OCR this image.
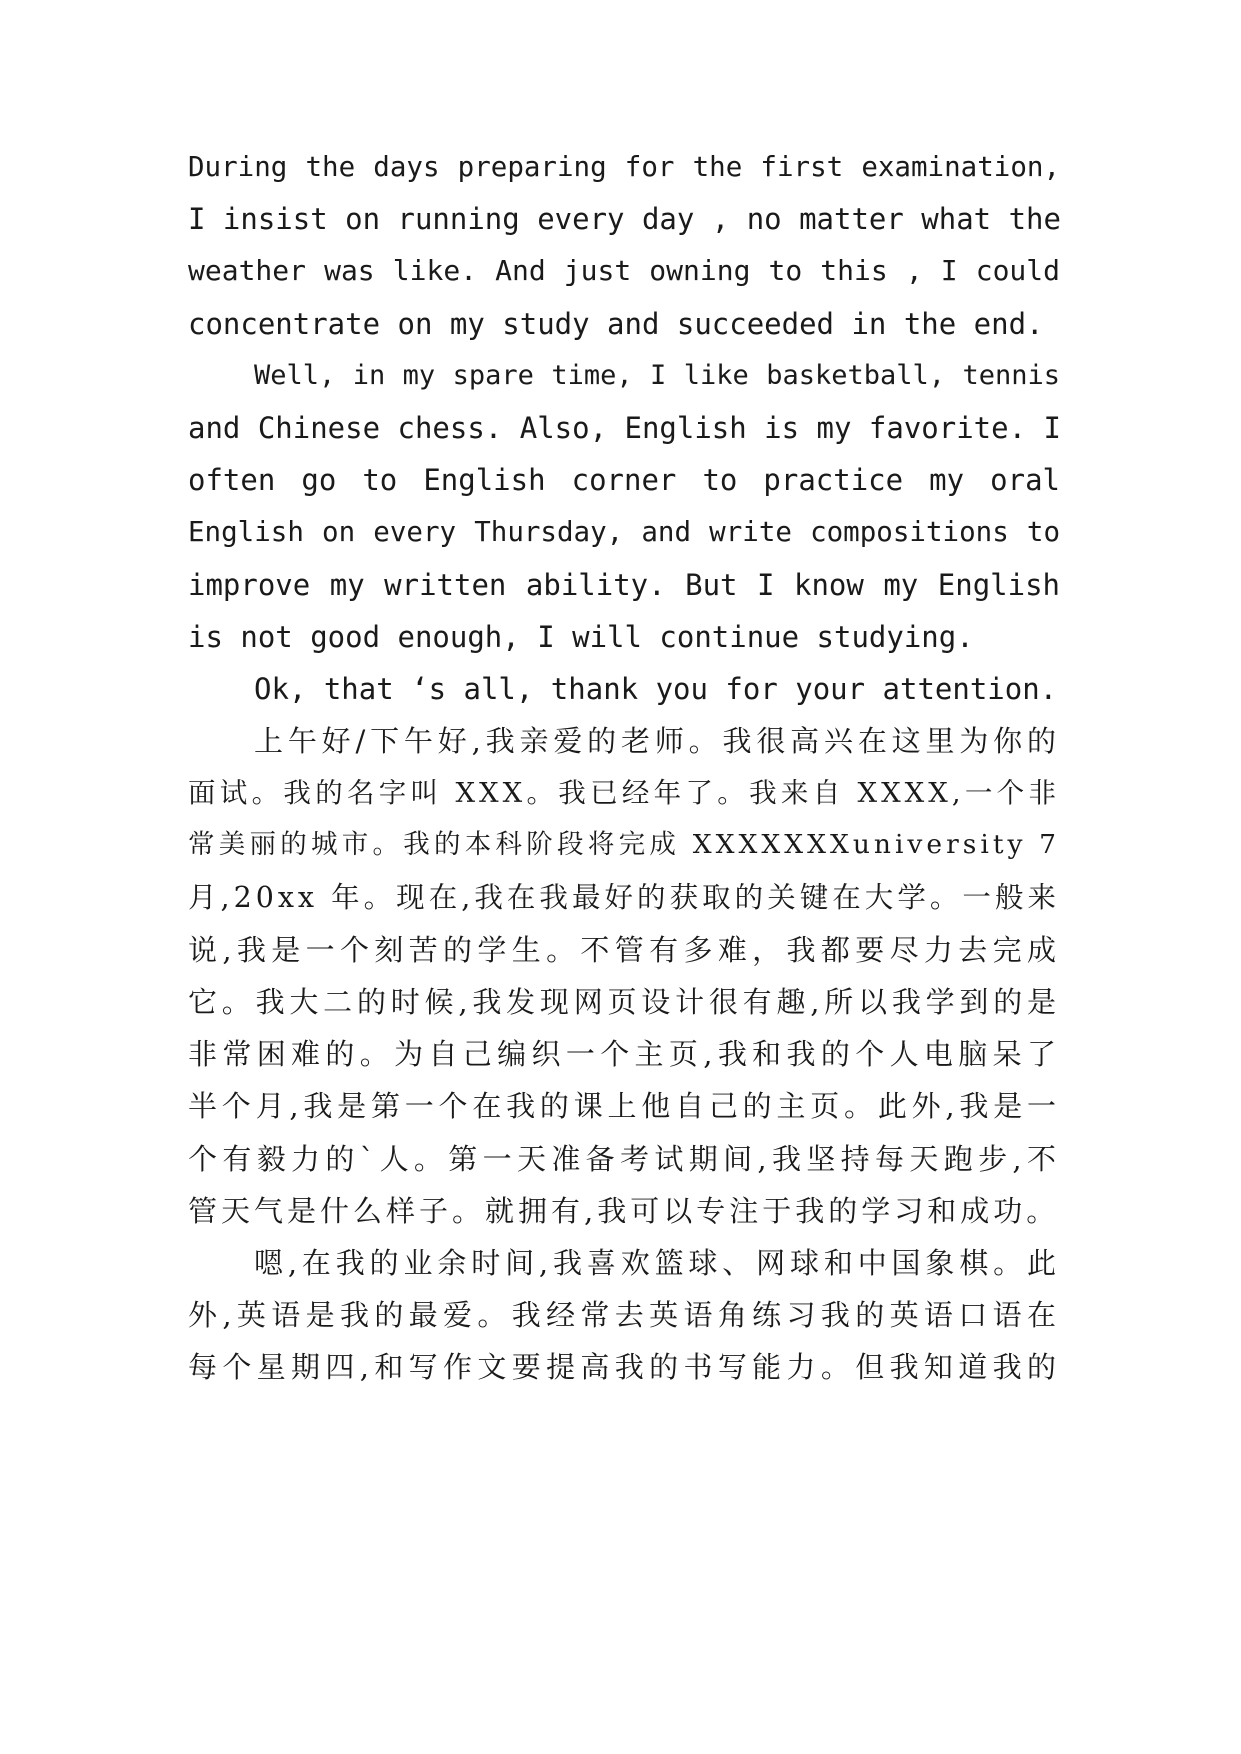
During the days preparing for the first examination,

I insist on running every day , no matter what the

weather was like. And just owning to this , I could

concentrate on my study and succeeded in the end.

Well, in my spare time, I like basketball, tennis

and Chinese chess. Also, English is my favorite. I

often go to English corner to practice my oral

English on every Thursday, and write compositions to

improve my written ability. But I know my English

is not good enough, I will continue studying.

Ok, that ‘s all, thank you for your attention.

上午好/下午好,我亲爱的老师。我很高兴在这里为你的

面试。我的名字叫 XXX。我已经年了。我来自 XXXX,一个非

常美丽的城市。我的本科阶段将完成 XXXXXXXuniversity 7

月,20xx 年。现在,我在我最好的获取的关键在大学。一般来

说,我是一个刻苦的学生。不管有多难，我都要尽力去完成

它。我大二的时候,我发现网页设计很有趣,所以我学到的是

非常困难的。为自己编织一个主页,我和我的个人电脑呆了

半个月,我是第一个在我的课上他自己的主页。此外,我是一

个有毅力的`人。第一天准备考试期间,我坚持每天跑步,不

管天气是什么样子。就拥有,我可以专注于我的学习和成功。

嗯,在我的业余时间,我喜欢篮球、网球和中国象棋。此

外,英语是我的最爱。我经常去英语角练习我的英语口语在

每个星期四,和写作文要提高我的书写能力。但我知道我的
